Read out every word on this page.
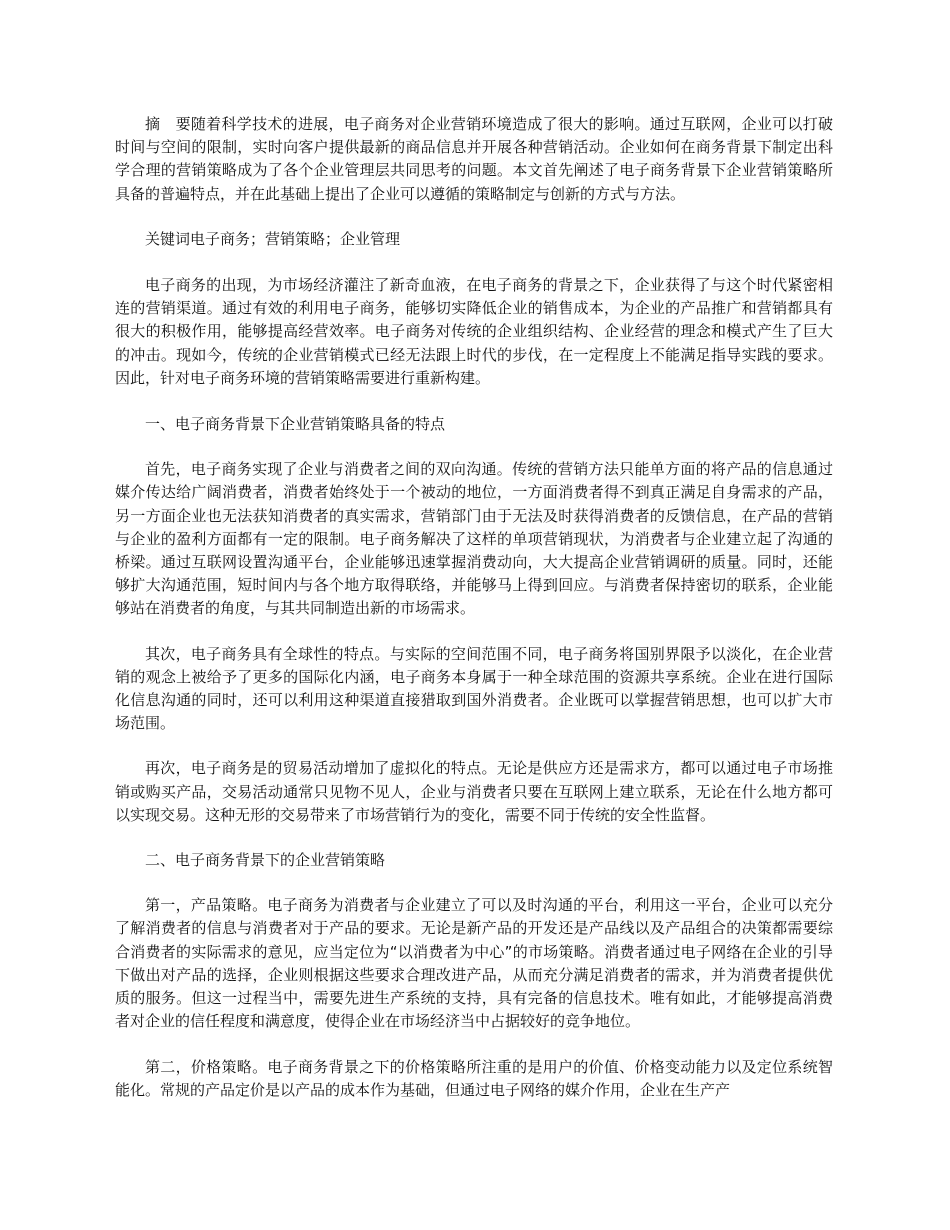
摘　要随着科学技术的进展，电子商务对企业营销环境造成了很大的影响。通过互联网，企业可以打破时间与空间的限制，实时向客户提供最新的商品信息并开展各种营销活动。企业如何在商务背景下制定出科学合理的营销策略成为了各个企业管理层共同思考的问题。本文首先阐述了电子商务背景下企业营销策略所具备的普遍特点，并在此基础上提出了企业可以遵循的策略制定与创新的方式与方法。

关键词电子商务；营销策略；企业管理

电子商务的出现，为市场经济灌注了新奇血液，在电子商务的背景之下，企业获得了与这个时代紧密相连的营销渠道。通过有效的利用电子商务，能够切实降低企业的销售成本，为企业的产品推广和营销都具有很大的积极作用，能够提高经营效率。电子商务对传统的企业组织结构、企业经营的理念和模式产生了巨大的冲击。现如今，传统的企业营销模式已经无法跟上时代的步伐，在一定程度上不能满足指导实践的要求。因此，针对电子商务环境的营销策略需要进行重新构建。

一、电子商务背景下企业营销策略具备的特点

首先，电子商务实现了企业与消费者之间的双向沟通。传统的营销方法只能单方面的将产品的信息通过媒介传达给广阔消费者，消费者始终处于一个被动的地位，一方面消费者得不到真正满足自身需求的产品，另一方面企业也无法获知消费者的真实需求，营销部门由于无法及时获得消费者的反馈信息，在产品的营销与企业的盈利方面都有一定的限制。电子商务解决了这样的单项营销现状，为消费者与企业建立起了沟通的桥梁。通过互联网设置沟通平台，企业能够迅速掌握消费动向，大大提高企业营销调研的质量。同时，还能够扩大沟通范围，短时间内与各个地方取得联络，并能够马上得到回应。与消费者保持密切的联系，企业能够站在消费者的角度，与其共同制造出新的市场需求。

其次，电子商务具有全球性的特点。与实际的空间范围不同，电子商务将国别界限予以淡化，在企业营销的观念上被给予了更多的国际化内涵，电子商务本身属于一种全球范围的资源共享系统。企业在进行国际化信息沟通的同时，还可以利用这种渠道直接猎取到国外消费者。企业既可以掌握营销思想，也可以扩大市场范围。

再次，电子商务是的贸易活动增加了虚拟化的特点。无论是供应方还是需求方，都可以通过电子市场推销或购买产品，交易活动通常只见物不见人，企业与消费者只要在互联网上建立联系，无论在什么地方都可以实现交易。这种无形的交易带来了市场营销行为的变化，需要不同于传统的安全性监督。

二、电子商务背景下的企业营销策略

第一，产品策略。电子商务为消费者与企业建立了可以及时沟通的平台，利用这一平台，企业可以充分了解消费者的信息与消费者对于产品的要求。无论是新产品的开发还是产品线以及产品组合的决策都需要综合消费者的实际需求的意见，应当定位为“以消费者为中心”的市场策略。消费者通过电子网络在企业的引导下做出对产品的选择，企业则根据这些要求合理改进产品，从而充分满足消费者的需求，并为消费者提供优质的服务。但这一过程当中，需要先进生产系统的支持，具有完备的信息技术。唯有如此，才能够提高消费者对企业的信任程度和满意度，使得企业在市场经济当中占据较好的竞争地位。

第二，价格策略。电子商务背景之下的价格策略所注重的是用户的价值、价格变动能力以及定位系统智能化。常规的产品定价是以产品的成本作为基础，但通过电子网络的媒介作用，企业在生产产
